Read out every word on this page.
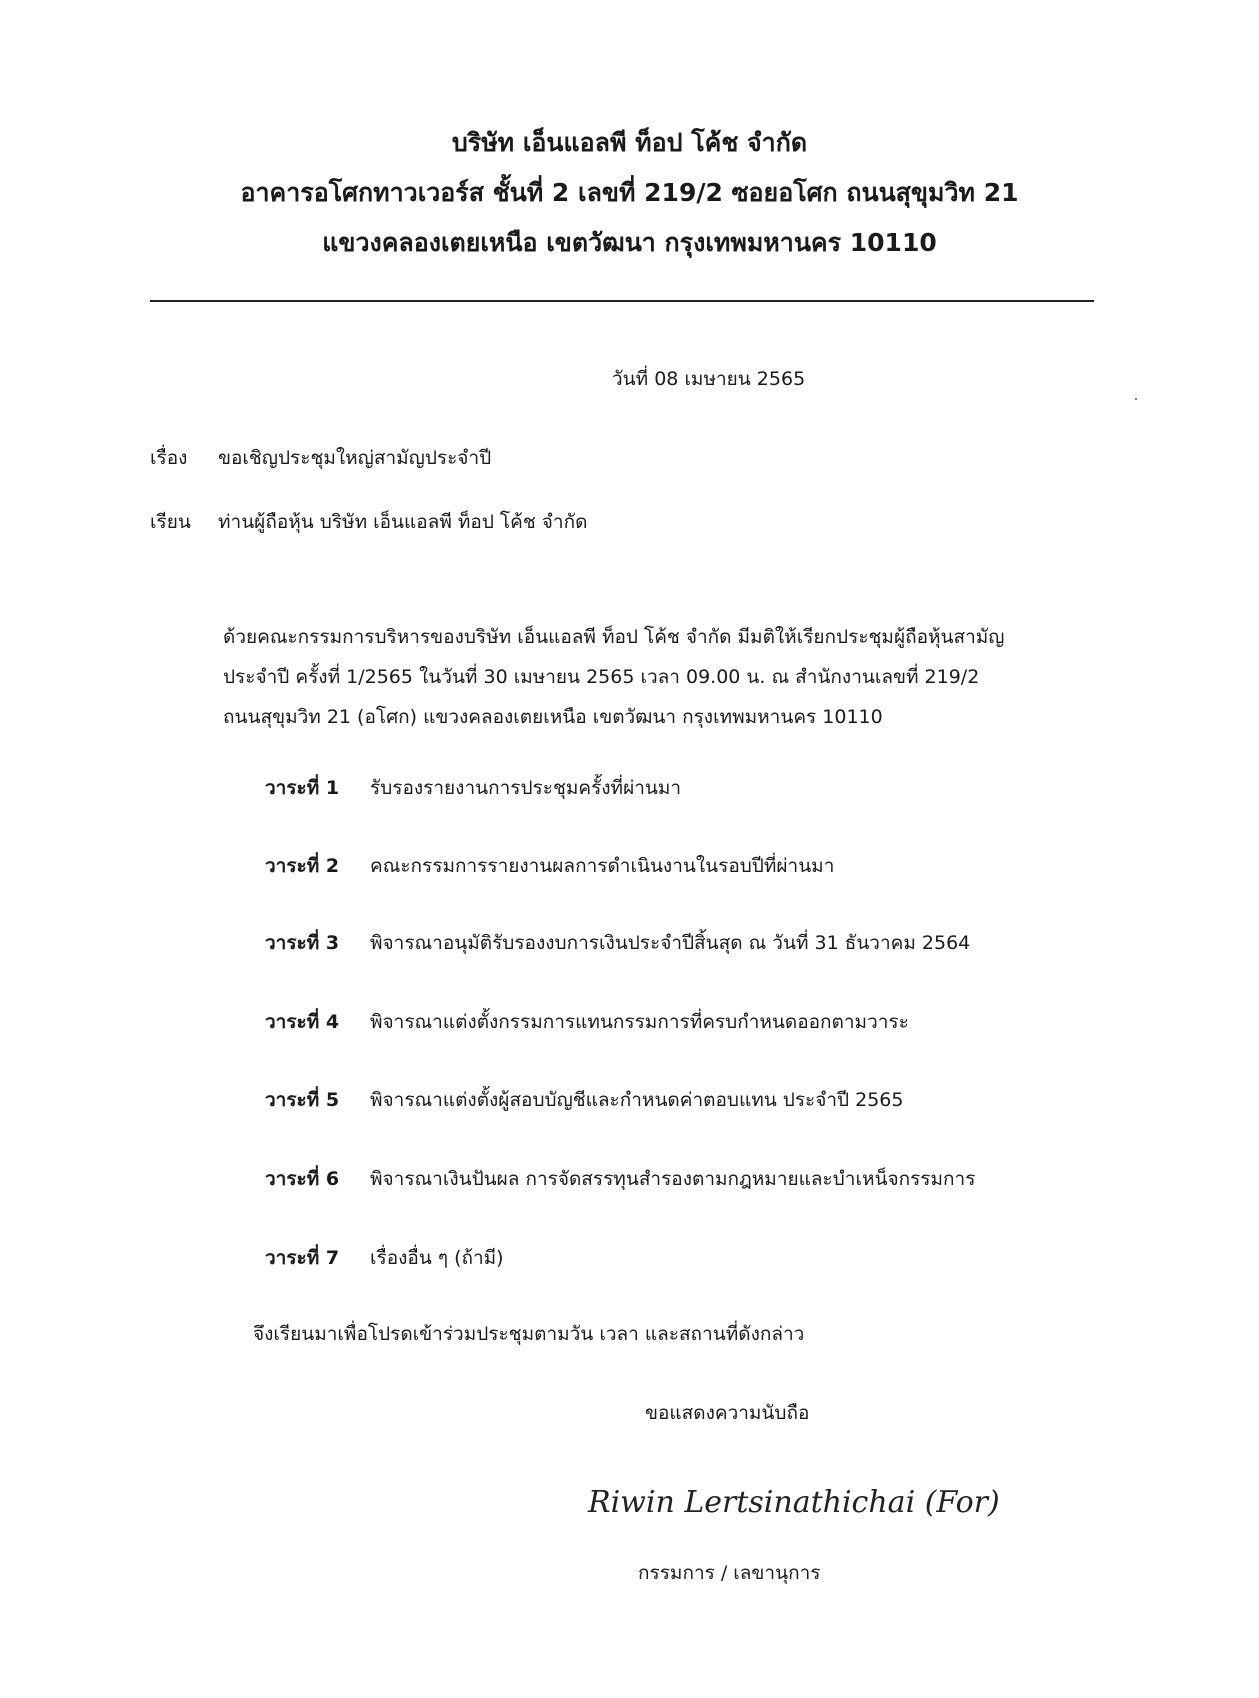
บริษัท เอ็นแอลพี ท็อป โค้ช จำกัด
อาคารอโศกทาวเวอร์ส ชั้นที่ 2 เลขที่ 219/2 ซอยอโศก ถนนสุขุมวิท 21
แขวงคลองเตยเหนือ เขตวัฒนา กรุงเทพมหานคร 10110
วันที่ 08 เมษายน 2565
เรื่อง ขอเชิญประชุมใหญ่สามัญประจำปี
เรียน ท่านผู้ถือหุ้น บริษัท เอ็นแอลพี ท็อป โค้ช จำกัด
ด้วยคณะกรรมการบริหารของบริษัท เอ็นแอลพี ท็อป โค้ช จำกัด มีมติให้เรียกประชุมผู้ถือหุ้นสามัญ
ประจำปี ครั้งที่ 1/2565 ในวันที่ 30 เมษายน 2565 เวลา 09.00 น. ณ สำนักงานเลขที่ 219/2
ถนนสุขุมวิท 21 (อโศก) แขวงคลองเตยเหนือ เขตวัฒนา กรุงเทพมหานคร 10110
วาระที่ 1 รับรองรายงานการประชุมครั้งที่ผ่านมา
วาระที่ 2 คณะกรรมการรายงานผลการดำเนินงานในรอบปีที่ผ่านมา
วาระที่ 3 พิจารณาอนุมัติรับรองงบการเงินประจำปีสิ้นสุด ณ วันที่ 31 ธันวาคม 2564
วาระที่ 4 พิจารณาแต่งตั้งกรรมการแทนกรรมการที่ครบกำหนดออกตามวาระ
วาระที่ 5 พิจารณาแต่งตั้งผู้สอบบัญชีและกำหนดค่าตอบแทน ประจำปี 2565
วาระที่ 6 พิจารณาเงินปันผล การจัดสรรทุนสำรองตามกฎหมายและบำเหน็จกรรมการ
วาระที่ 7 เรื่องอื่น ๆ (ถ้ามี)
จึงเรียนมาเพื่อโปรดเข้าร่วมประชุมตามวัน เวลา และสถานที่ดังกล่าว
ขอแสดงความนับถือ
Riwin Lertsinathichai (For)
กรรมการ / เลขานุการ
